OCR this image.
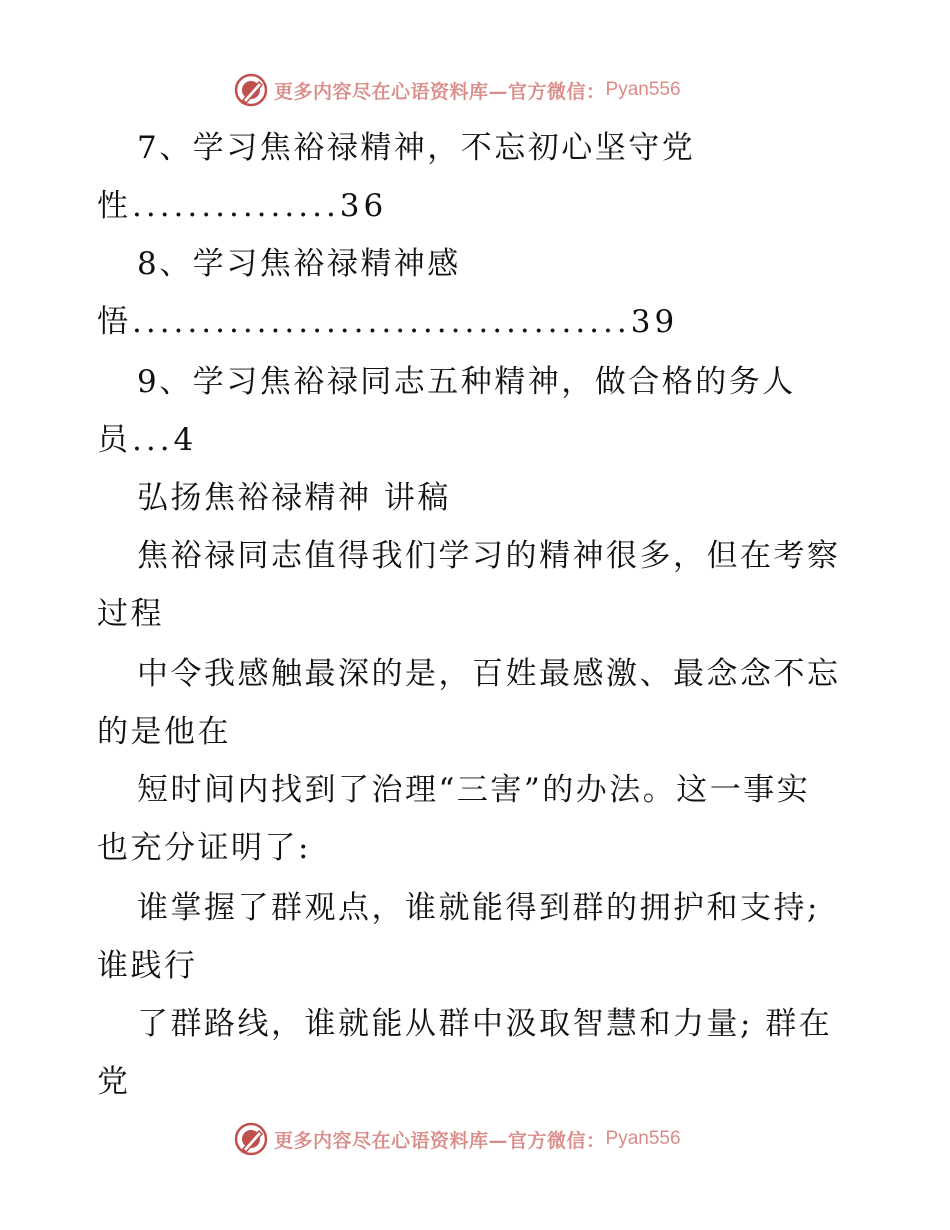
更多内容尽在心语资料库—官方微信： Pyan556
7、学习焦裕禄精神，不忘初心坚守党
性...............36
8、学习焦裕禄精神感
悟....................................39
9、学习焦裕禄同志五种精神，做合格的务人
员...4
弘扬焦裕禄精神 讲稿
焦裕禄同志值得我们学习的精神很多，但在考察
过程
中令我感触最深的是，百姓最感激、最念念不忘
的是他在
短时间内找到了治理“三害”的办法。这一事实
也充分证明了:
谁掌握了群观点，谁就能得到群的拥护和支持;
谁践行
了群路线，谁就能从群中汲取智慧和力量; 群在
党
更多内容尽在心语资料库—官方微信： Pyan556
